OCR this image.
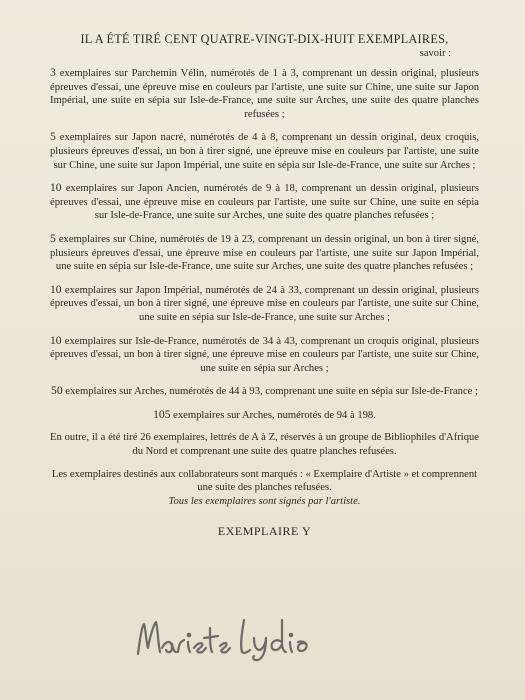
IL A ÉTÉ TIRÉ CENT QUATRE-VINGT-DIX-HUIT EXEMPLAIRES,

savoir :

3 exemplaires sur Parchemin Vélin, numérotés de 1 à 3, comprenant un dessin original, plusieurs épreuves d'essai, une épreuve mise en couleurs par l'artiste, une suite sur Chine, une suite sur Japon Impérial, une suite en sépia sur Isle-de-France, une suite sur Arches, une suite des quatre planches refusées ;

5 exemplaires sur Japon nacré, numérotés de 4 à 8, comprenant un dessin original, deux croquis, plusieurs épreuves d'essai, un bon à tirer signé, une épreuve mise en couleurs par l'artiste, une suite sur Chine, une suite sur Japon Impérial, une suite en sépia sur Isle-de-France, une suite sur Arches ;

10 exemplaires sur Japon Ancien, numérotés de 9 à 18, comprenant un dessin original, plusieurs épreuves d'essai, une épreuve mise en couleurs par l'artiste, une suite sur Chine, une suite en sépia sur Isle-de-France, une suite sur Arches, une suite des quatre planches refusées ;

5 exemplaires sur Chine, numérotés de 19 à 23, comprenant un dessin original, un bon à tirer signé, plusieurs épreuves d'essai, une épreuve mise en couleurs par l'artiste, une suite sur Japon Impérial, une suite en sépia sur Isle-de-France, une suite sur Arches, une suite des quatre planches refusées ;

10 exemplaires sur Japon Impérial, numérotés de 24 à 33, comprenant un dessin original, plusieurs épreuves d'essai, un bon à tirer signé, une épreuve mise en couleurs par l'artiste, une suite sur Chine, une suite en sépia sur Isle-de-France, une suite sur Arches ;

10 exemplaires sur Isle-de-France, numérotés de 34 à 43, comprenant un croquis original, plusieurs épreuves d'essai, un bon à tirer signé, une épreuve mise en couleurs par l'artiste, une suite sur Chine, une suite en sépia sur Arches ;

50 exemplaires sur Arches, numérotés de 44 à 93, comprenant une suite en sépia sur Isle-de-France ;

105 exemplaires sur Arches, numérotés de 94 à 198.

En outre, il a été tiré 26 exemplaires, lettrés de A à Z, réservés à un groupe de Bibliophiles d'Afrique du Nord et comprenant une suite des quatre planches refusées.

Les exemplaires destinés aux collaborateurs sont marqués : « Exemplaire d'Artiste » et comprennent une suite des planches refusées.

Tous les exemplaires sont signés par l'artiste.

EXEMPLAIRE Y
